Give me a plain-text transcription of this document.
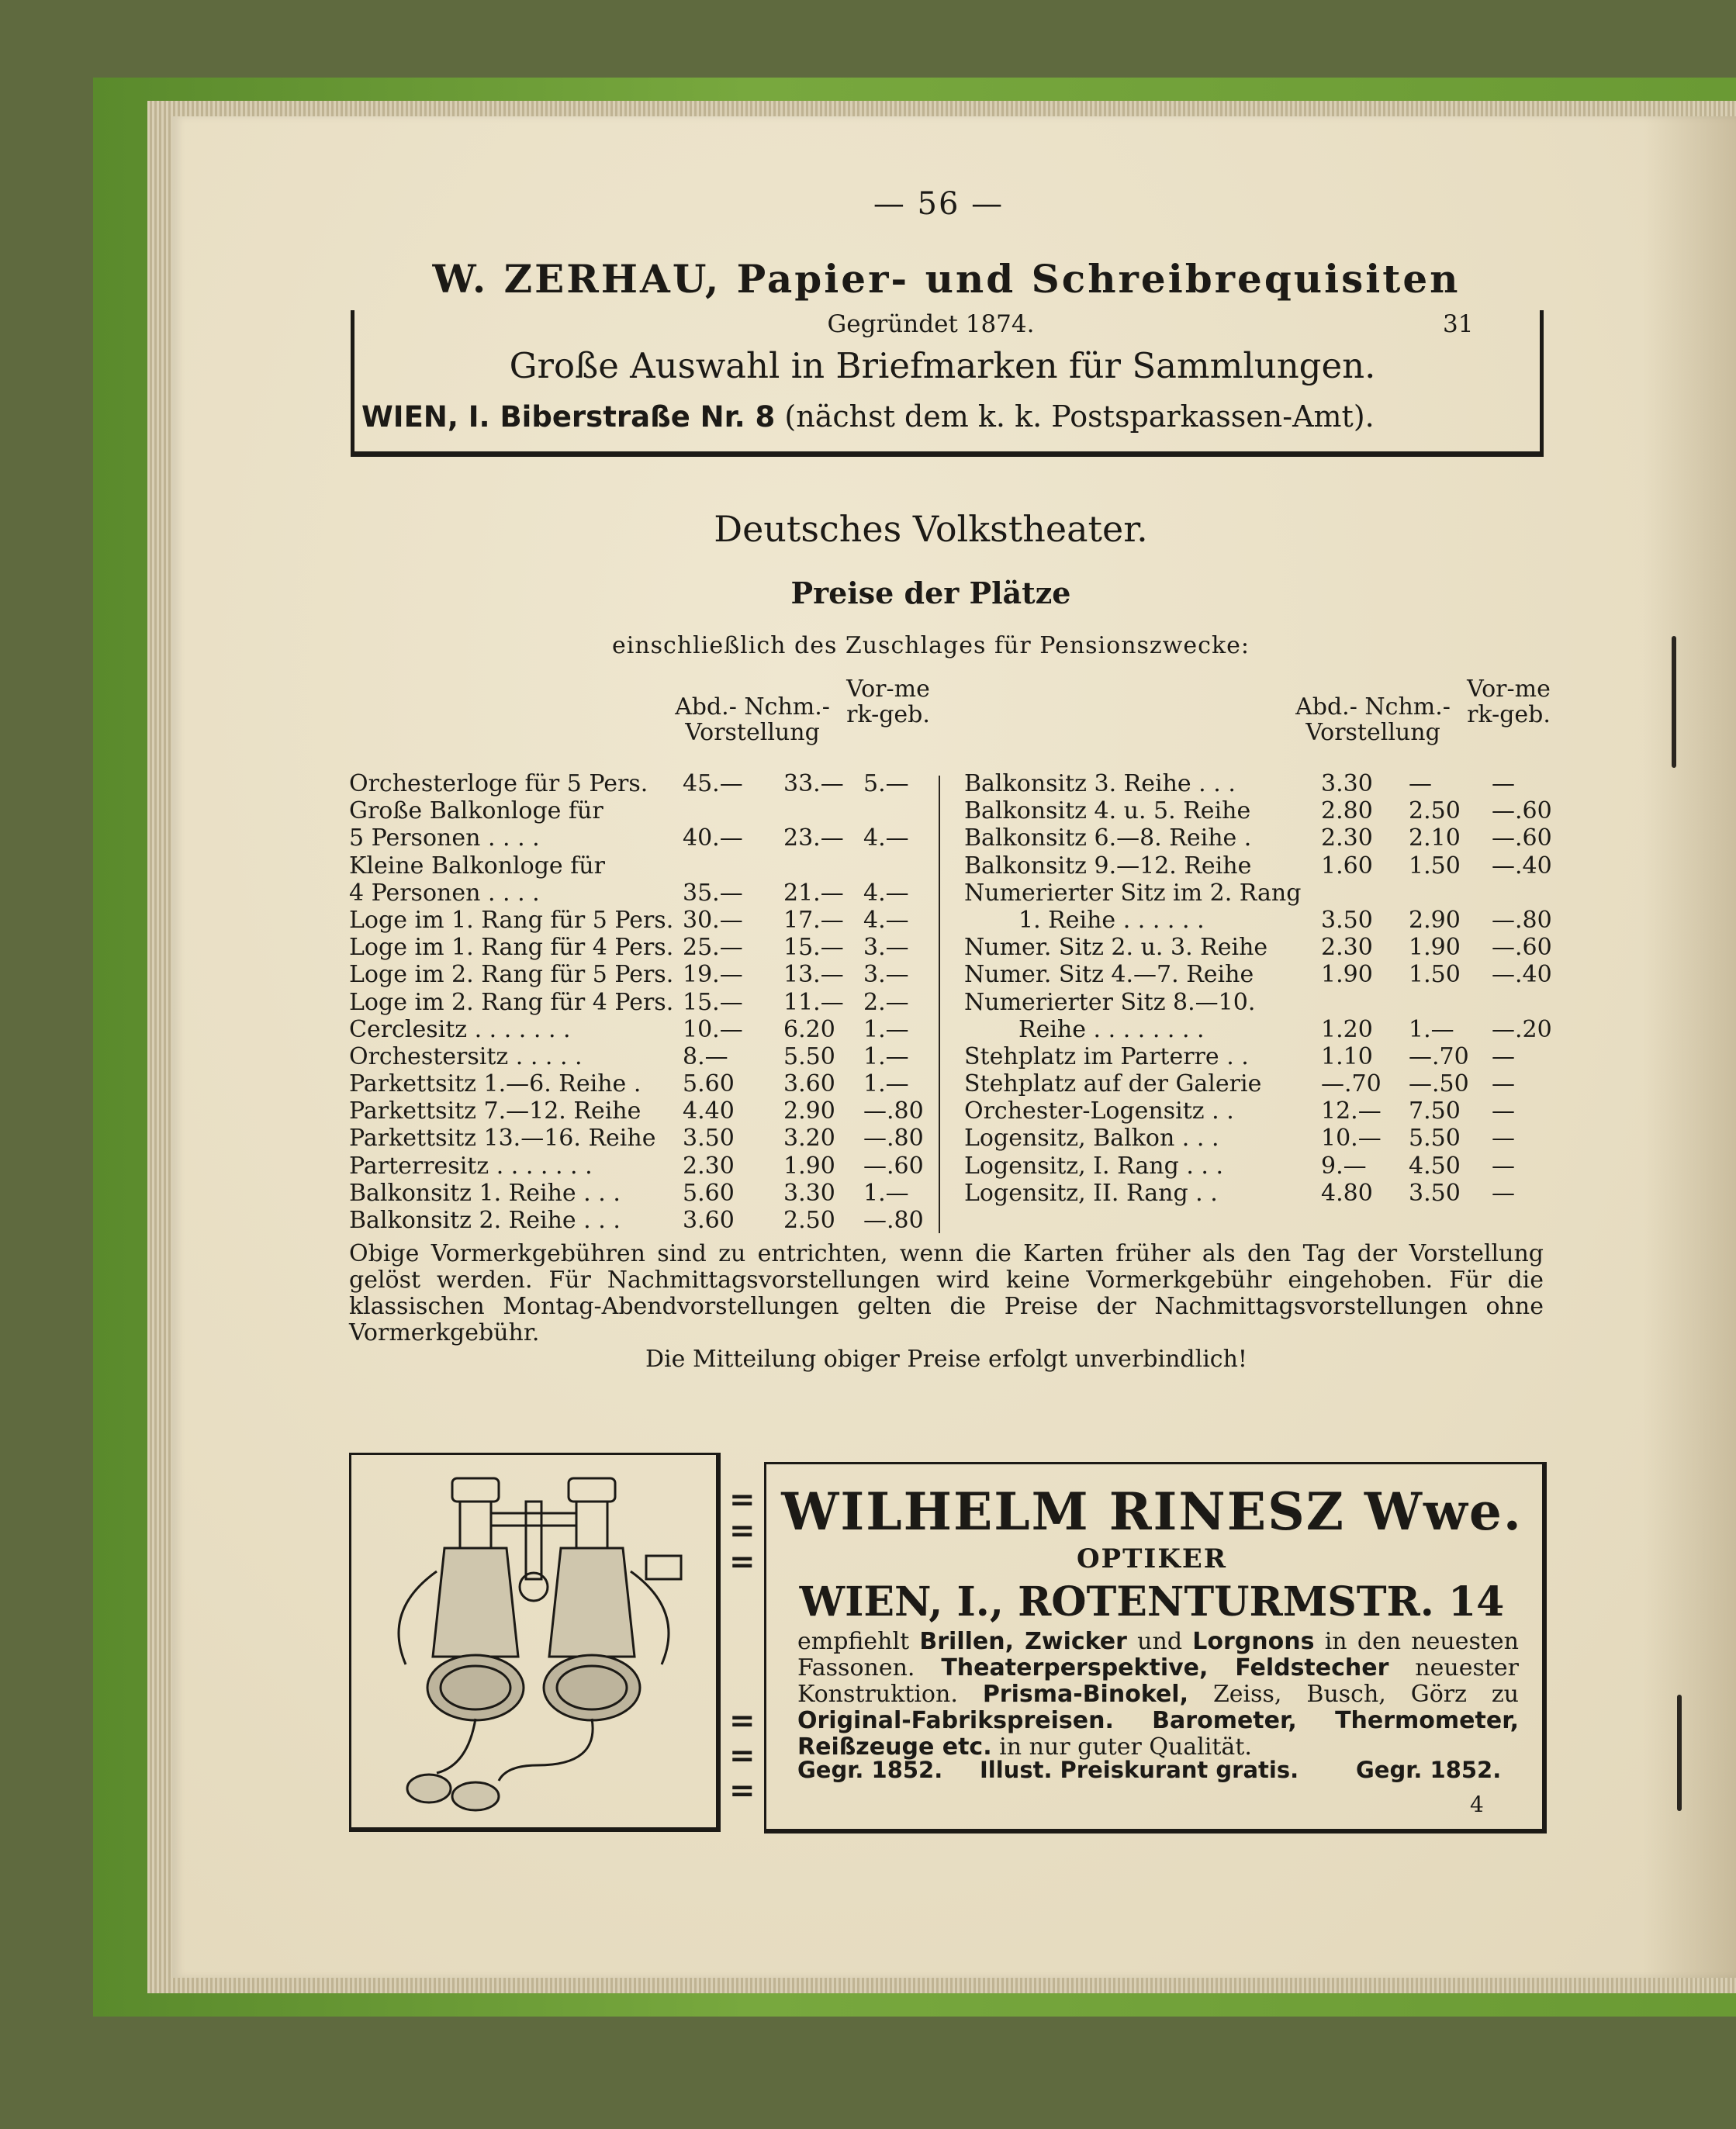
— 56 —
W. ZERHAU, Papier- und Schreibrequisiten
Gegründet 1874.	31
Große Auswahl in Briefmarken für Sammlungen.
WIEN, I. Biberstraße Nr. 8 (nächst dem k. k. Postsparkassen-Amt).
Deutsches Volkstheater.
Preise der Plätze
einschließlich des Zuschlages für Pensionszwecke:
Abd.- Nchm.-
Vorstellung
Vor-merk-geb.	Abd.- Nchm.-
Vorstellung
Vor-merk-geb.
Orchesterloge für 5 Pers. 45.— 33.— 5.—
Große Balkonloge für
5 Personen . . . .	40.— 23.— 4.—
Kleine Balkonloge für
4 Personen . . . .	35.— 21.— 4.—
Loge im 1. Rang für 5 Pers. 30.— 17.— 4.—
Loge im 1. Rang für 4 Pers. 25.— 15.— 3.—
Loge im 2. Rang für 5 Pers. 19.— 13.— 3.—
Loge im 2. Rang für 4 Pers. 15.— 11.— 2.—
Cerclesitz . . . . . . .	10.— 6.20 1.—
Orchestersitz . . . . .	8.— 5.50 1.—
Parkettsitz 1.—6. Reihe . 5.60 3.60 1.—
Parkettsitz 7.—12. Reihe 4.40 2.90 —.80
Parkettsitz 13.—16. Reihe 3.50 3.20 —.80
Parterresitz . . . . . . .	2.30 1.90 —.60
Balkonsitz 1. Reihe . . .	5.60 3.30 1.—
Balkonsitz 2. Reihe . . .	3.60 2.50 —.80
Balkonsitz 3. Reihe . . .	3.30 —	—
Balkonsitz 4. u. 5. Reihe	2.80 2.50 —.60
Balkonsitz 6.—8. Reihe .	2.30 2.10 —.60
Balkonsitz 9.—12. Reihe	1.60 1.50 —.40
Numerierter Sitz im 2. Rang
1. Reihe . . . . . .	3.50 2.90 —.80
Numer. Sitz 2. u. 3. Reihe 2.30 1.90 —.60
Numer. Sitz 4.—7. Reihe	1.90 1.50 —.40
Numerierter Sitz 8.—10.
Reihe . . . . . . . .	1.20 1.— —.20
Stehplatz im Parterre . .	1.10 —.70 —
Stehplatz auf der Galerie	—.70 —.50 —
Orchester-Logensitz . .	12.— 7.50 —
Logensitz, Balkon . . .	10.— 5.50 —
Logensitz, I. Rang . . .	9.— 4.50 —
Logensitz, II. Rang . .	4.80 3.50 —
Obige Vormerkgebühren sind zu entrichten, wenn die Karten früher als den Tag der Vorstellung gelöst werden. Für Nachmittagsvorstellungen wird keine Vormerkgebühr eingehoben. Für die klassischen Montag-Abendvorstellungen gelten die Preise der Nachmittagsvorstellungen ohne Vormerkgebühr.
Die Mitteilung obiger Preise erfolgt unverbindlich!
=
=
=
=
=
=
WILHELM RINESZ Wwe.
OPTIKER
WIEN, I., ROTENTURMSTR. 14
empfiehlt Brillen, Zwicker und Lorgnons in den neuesten Fassonen. Theaterperspektive, Feldstecher neuester Konstruktion. Prisma-Binokel, Zeiss, Busch, Görz zu Original-Fabrikspreisen. Barometer, Thermometer, Reißzeuge etc. in nur guter Qualität.
Gegr. 1852. Illust. Preiskurant gratis.	Gegr. 1852.
4
